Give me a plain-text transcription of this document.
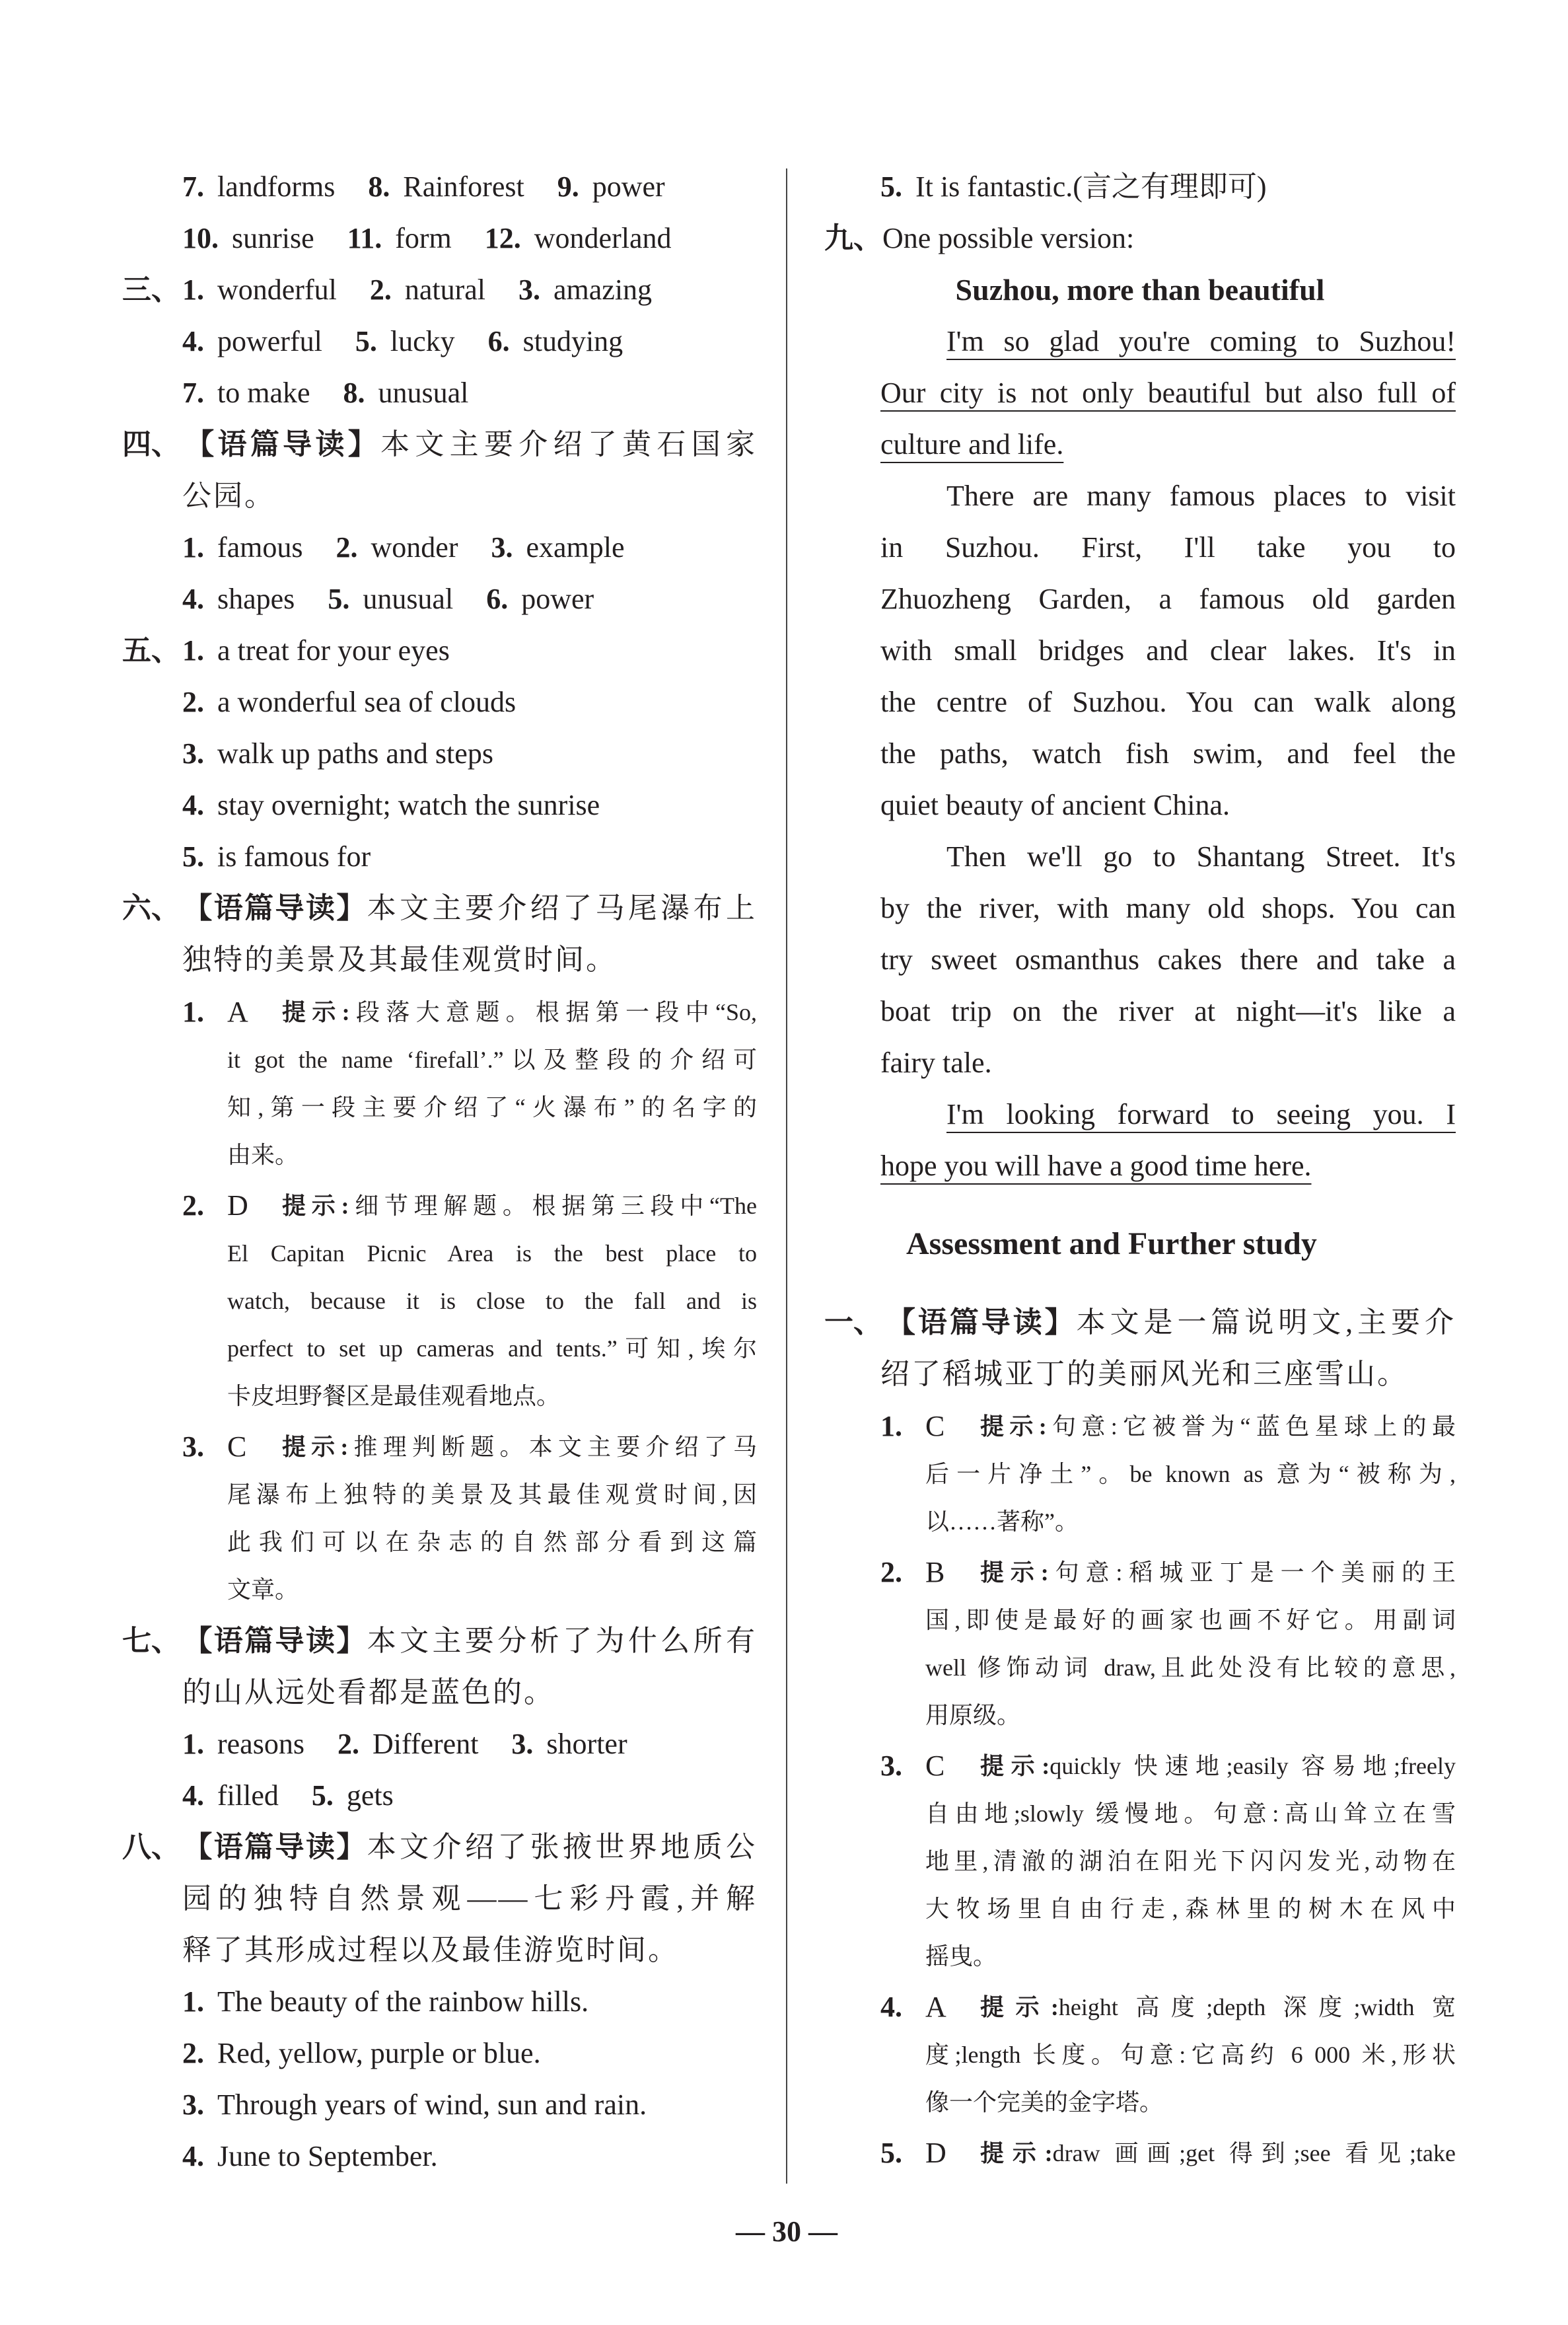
7. landforms 8. Rainforest 9. power
10. sunrise 11. form 12. wonderland
三、1. wonderful 2. natural 3. amazing
4. powerful 5. lucky 6. studying
7. to make 8. unusual
四、【语篇导读】本文主要介绍了黄石国家
公园。
1. famous 2. wonder 3. example
4. shapes 5. unusual 6. power
五、1. a treat for your eyes
2. a wonderful sea of clouds
3. walk up paths and steps
4. stay overnight; watch the sunrise
5. is famous for
六、【语篇导读】本文主要介绍了马尾瀑布上
独特的美景及其最佳观赏时间。
1. A	提示:段落大意题。根据第一段中“So,
it got the name ‘firefall’.”以及整段的介绍可
知,第一段主要介绍了“火瀑布”的名字的
由来。
2. D	提示:细节理解题。根据第三段中“The
El Capitan Picnic Area is the best place to
watch, because it is close to the fall and is
perfect to set up cameras and tents.”可知,埃尔
卡皮坦野餐区是最佳观看地点。
3. C	提示:推理判断题。本文主要介绍了马
尾瀑布上独特的美景及其最佳观赏时间,因
此我们可以在杂志的自然部分看到这篇
文章。
七、【语篇导读】本文主要分析了为什么所有
的山从远处看都是蓝色的。
1. reasons 2. Different 3. shorter
4. filled 5. gets
八、【语篇导读】本文介绍了张掖世界地质公
园的独特自然景观——七彩丹霞,并解
释了其形成过程以及最佳游览时间。
1. The beauty of the rainbow hills.
2. Red, yellow, purple or blue.
3. Through years of wind, sun and rain.
4. June to September.
5. It is fantastic.(言之有理即可)
九、One possible version:
Suzhou, more than beautiful
I'm so glad you're coming to Suzhou!
Our city is not only beautiful but also full of
culture and life.
There are many famous places to visit
in Suzhou. First, I'll take you to
Zhuozheng Garden, a famous old garden
with small bridges and clear lakes. It's in
the centre of Suzhou. You can walk along
the paths, watch fish swim, and feel the
quiet beauty of ancient China.
Then we'll go to Shantang Street. It's
by the river, with many old shops. You can
try sweet osmanthus cakes there and take a
boat trip on the river at night—it's like a
fairy tale.
I'm looking forward to seeing you. I
hope you will have a good time here.
Assessment and Further study
一、【语篇导读】本文是一篇说明文,主要介
绍了稻城亚丁的美丽风光和三座雪山。
1. C	提示:句意:它被誉为“蓝色星球上的最
后一片净土”。be known as 意为“被称为,
以……著称”。
2. B	提示:句意:稻城亚丁是一个美丽的王
国,即使是最好的画家也画不好它。用副词
well 修饰动词 draw,且此处没有比较的意思,
用原级。
3. C	提示:quickly 快速地;easily 容易地;freely
自由地;slowly 缓慢地。句意:高山耸立在雪
地里,清澈的湖泊在阳光下闪闪发光,动物在
大牧场里自由行走,森林里的树木在风中
摇曳。
4. A	提示:height 高度;depth 深度;width 宽
度;length 长度。句意:它高约 6 000 米,形状
像一个完美的金字塔。
5. D	提示:draw 画画;get 得到;see 看见;take
— 30 —
